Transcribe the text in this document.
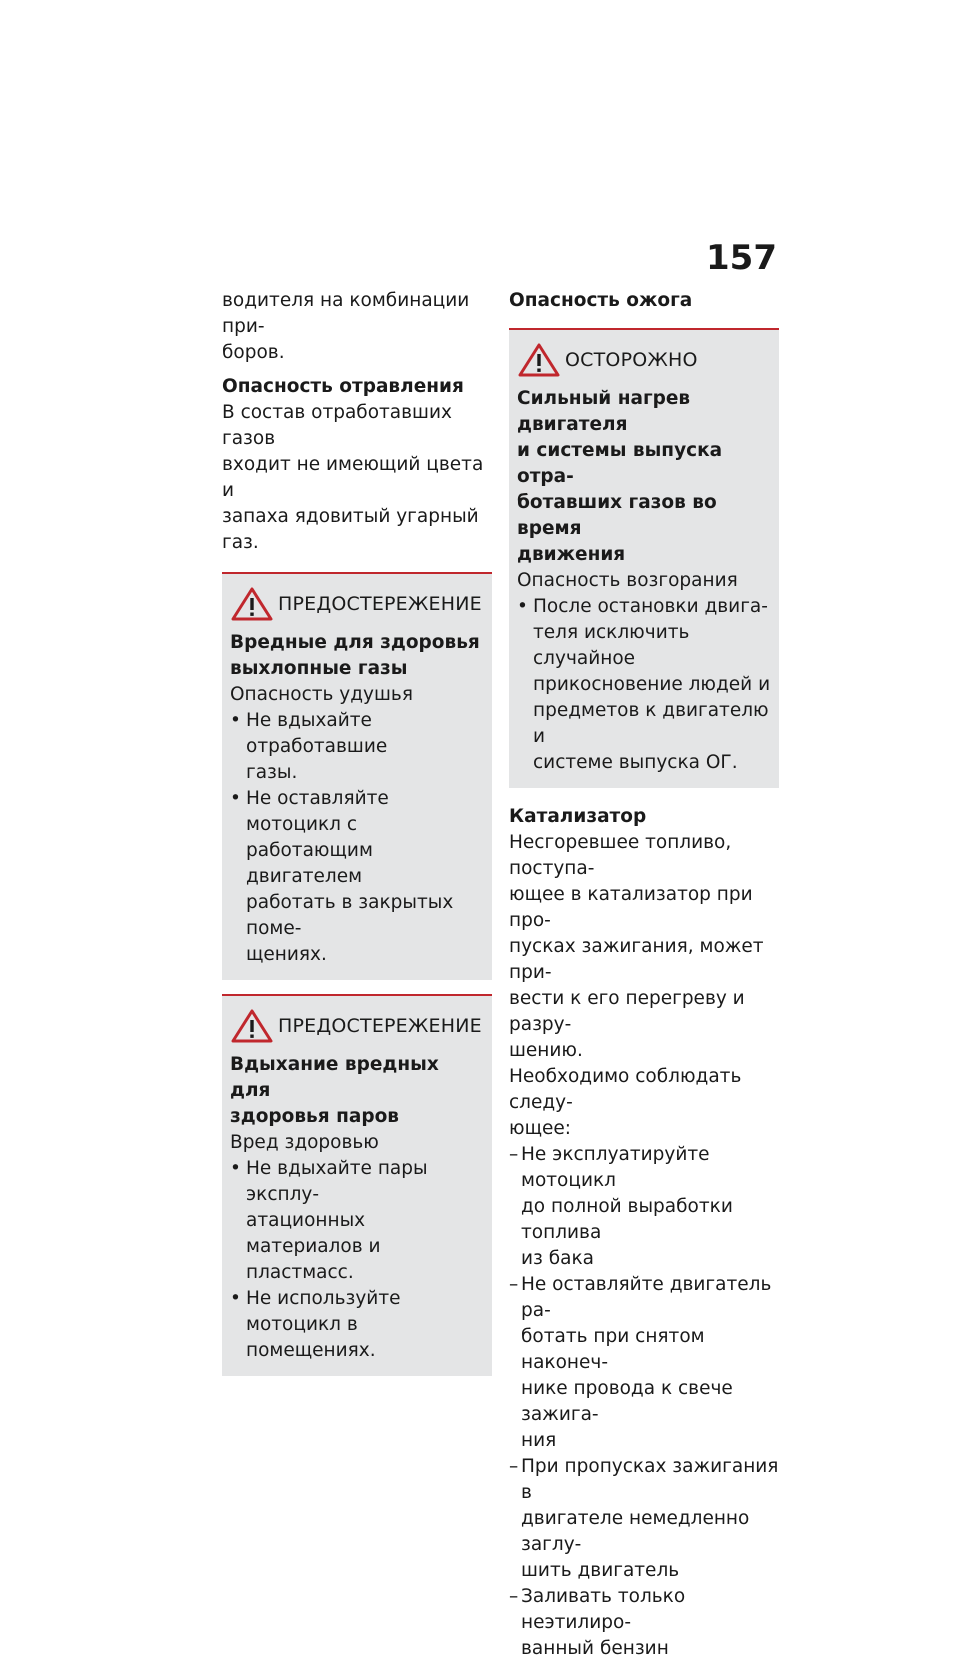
157

водителя на комбинации при-
боров.

Опасность отравления

В состав отработавших газов
входит не имеющий цвета и
запаха ядовитый угарный газ.

ПРЕДОСТЕРЕЖЕНИЕ

Вредные для здоровья
выхлопные газы

Опасность удушья

• Не вдыхайте отработавшие
газы.
• Не оставляйте мотоцикл с
работающим двигателем
работать в закрытых поме-
щениях.
ПРЕДОСТЕРЕЖЕНИЕ

Вдыхание вредных для
здоровья паров

Вред здоровью

• Не вдыхайте пары эксплу-
атационных материалов и
пластмасс.
• Не используйте мотоцикл в
помещениях.

Опасность ожога

ОСТОРОЖНО

Сильный нагрев двигателя
и системы выпуска отра-
ботавших газов во время
движения

Опасность возгорания

• После остановки двига-
теля исключить случайное
прикосновение людей и
предметов к двигателю и
системе выпуска ОГ.

Катализатор

Несгоревшее топливо, поступа-
ющее в катализатор при про-
пусках зажигания, может при-
вести к его перегреву и разру-
шению.

Необходимо соблюдать следу-
ющее:

– Не эксплуатируйте мотоцикл
до полной выработки топлива
из бака
– Не оставляйте двигатель ра-
ботать при снятом наконеч-
нике провода к свече зажига-
ния
– При пропусках зажигания в
двигателе немедленно заглу-
шить двигатель
– Заливать только неэтилиро-
ванный бензин
